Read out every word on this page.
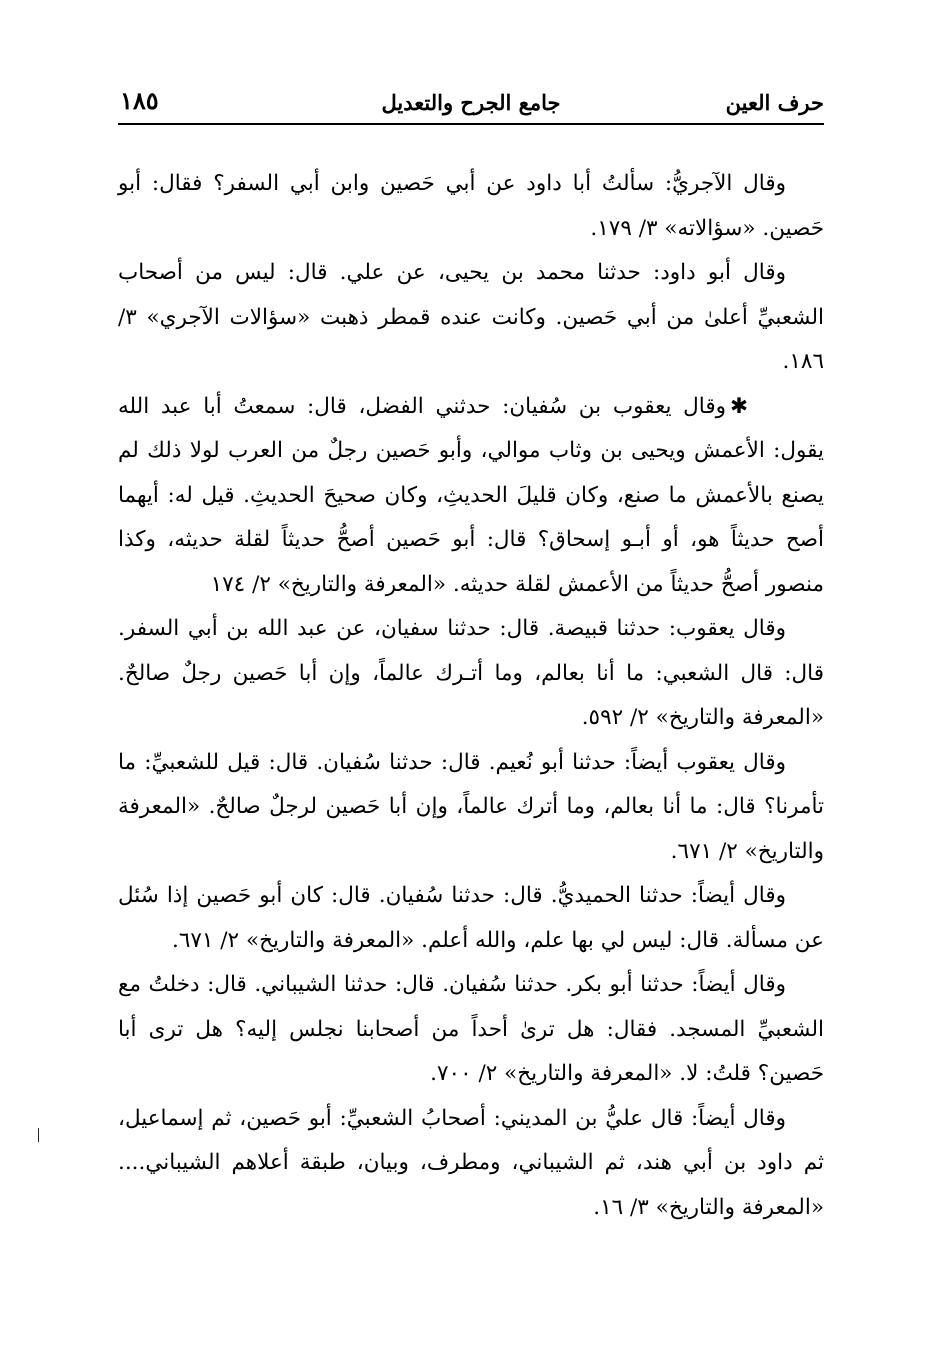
حرف العين
جامع الجرح والتعديل
١٨٥

وقال الآجريُّ: سألتُ أبا داود عن أبي حَصين وابن أبي السفر؟ فقال: أبو حَصين. «سؤالاته» ٣/ ١٧٩.

وقال أبو داود: حدثنا محمد بن يحيى، عن علي. قال: ليس من أصحاب الشعبيِّ أعلىٰ من أبي حَصين. وكانت عنده قمطر ذهبت «سؤالات الآجري» ٣/ ١٨٦.

✱وقال يعقوب بن سُفيان: حدثني الفضل، قال: سمعتُ أبا عبد الله يقول: الأعمش ويحيى بن وثاب موالي، وأبو حَصين رجلٌ من العرب لولا ذلك لم يصنع بالأعمش ما صنع، وكان قليلَ الحديثِ، وكان صحيحَ الحديثِ. قيل له: أيهما أصح حديثاً هو، أو أبـو إسحاق؟ قال: أبو حَصين أصحُّ حديثاً لقلة حديثه، وكذا منصور أصحُّ حديثاً من الأعمش لقلة حديثه. «المعرفة والتاريخ» ٢/ ١٧٤

وقال يعقوب: حدثنا قبيصة. قال: حدثنا سفيان، عن عبد الله بن أبي السفر. قال: قال الشعبي: ما أنا بعالم، وما أتـرك عالماً، وإن أبا حَصين رجلٌ صالحٌ. «المعرفة والتاريخ» ٢/ ٥٩٢.

وقال يعقوب أيضاً: حدثنا أبو نُعيم. قال: حدثنا سُفيان. قال: قيل للشعبيِّ: ما تأمرنا؟ قال: ما أنا بعالم، وما أترك عالماً، وإن أبا حَصين لرجلٌ صالحٌ. «المعرفة والتاريخ» ٢/ ٦٧١.

وقال أيضاً: حدثنا الحميديُّ. قال: حدثنا سُفيان. قال: كان أبو حَصين إذا سُئل عن مسألة. قال: ليس لي بها علم، والله أعلم. «المعرفة والتاريخ» ٢/ ٦٧١.

وقال أيضاً: حدثنا أبو بكر. حدثنا سُفيان. قال: حدثنا الشيباني. قال: دخلتُ مع الشعبيِّ المسجد. فقال: هل ترىٰ أحداً من أصحابنا نجلس إليه؟ هل ترى أبا حَصين؟ قلتُ: لا. «المعرفة والتاريخ» ٢/ ٧٠٠.

وقال أيضاً: قال عليُّ بن المديني: أصحابُ الشعبيِّ: أبو حَصين، ثم إسماعيل، ثم داود بن أبي هند، ثم الشيباني، ومطرف، وبيان، طبقة أعلاهم الشيباني.... «المعرفة والتاريخ» ٣/ ١٦.
